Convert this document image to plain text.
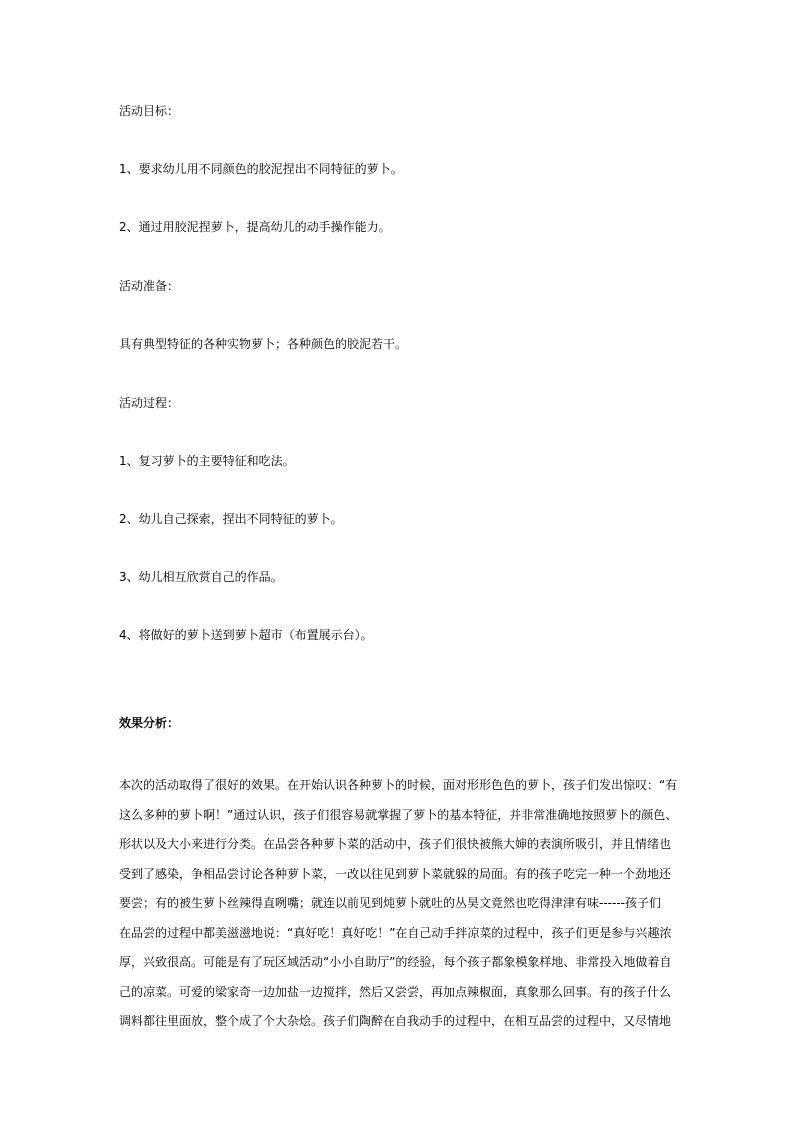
活动目标：
1、要求幼儿用不同颜色的胶泥捏出不同特征的萝卜。
2、通过用胶泥捏萝卜，提高幼儿的动手操作能力。
活动准备：
具有典型特征的各种实物萝卜；各种颜色的胶泥若干。
活动过程：
1、复习萝卜的主要特征和吃法。
2、幼儿自己探索，捏出不同特征的萝卜。
3、幼儿相互欣赏自己的作品。
4、将做好的萝卜送到萝卜超市（布置展示台）。
效果分析：
本次的活动取得了很好的效果。在开始认识各种萝卜的时候，面对形形色色的萝卜，孩子们发出惊叹：“有
这么多种的萝卜啊！”通过认识，孩子们很容易就掌握了萝卜的基本特征，并非常准确地按照萝卜的颜色、
形状以及大小来进行分类。在品尝各种萝卜菜的活动中，孩子们很快被熊大婶的表演所吸引，并且情绪也
受到了感染，争相品尝讨论各种萝卜菜，一改以往见到萝卜菜就躲的局面。有的孩子吃完一种一个劲地还
要尝；有的被生萝卜丝辣得直咧嘴；就连以前见到炖萝卜就吐的丛昊文竟然也吃得津津有味------孩子们
在品尝的过程中都美滋滋地说：“真好吃！真好吃！”在自己动手拌凉菜的过程中，孩子们更是参与兴趣浓
厚，兴致很高。可能是有了玩区域活动“小小自助厅”的经验，每个孩子都象模象样地、非常投入地做着自
己的凉菜。可爱的梁家奇一边加盐一边搅拌，然后又尝尝，再加点辣椒面，真象那么回事。有的孩子什么
调料都往里面放，整个成了个大杂烩。孩子们陶醉在自我动手的过程中，在相互品尝的过程中，又尽情地
